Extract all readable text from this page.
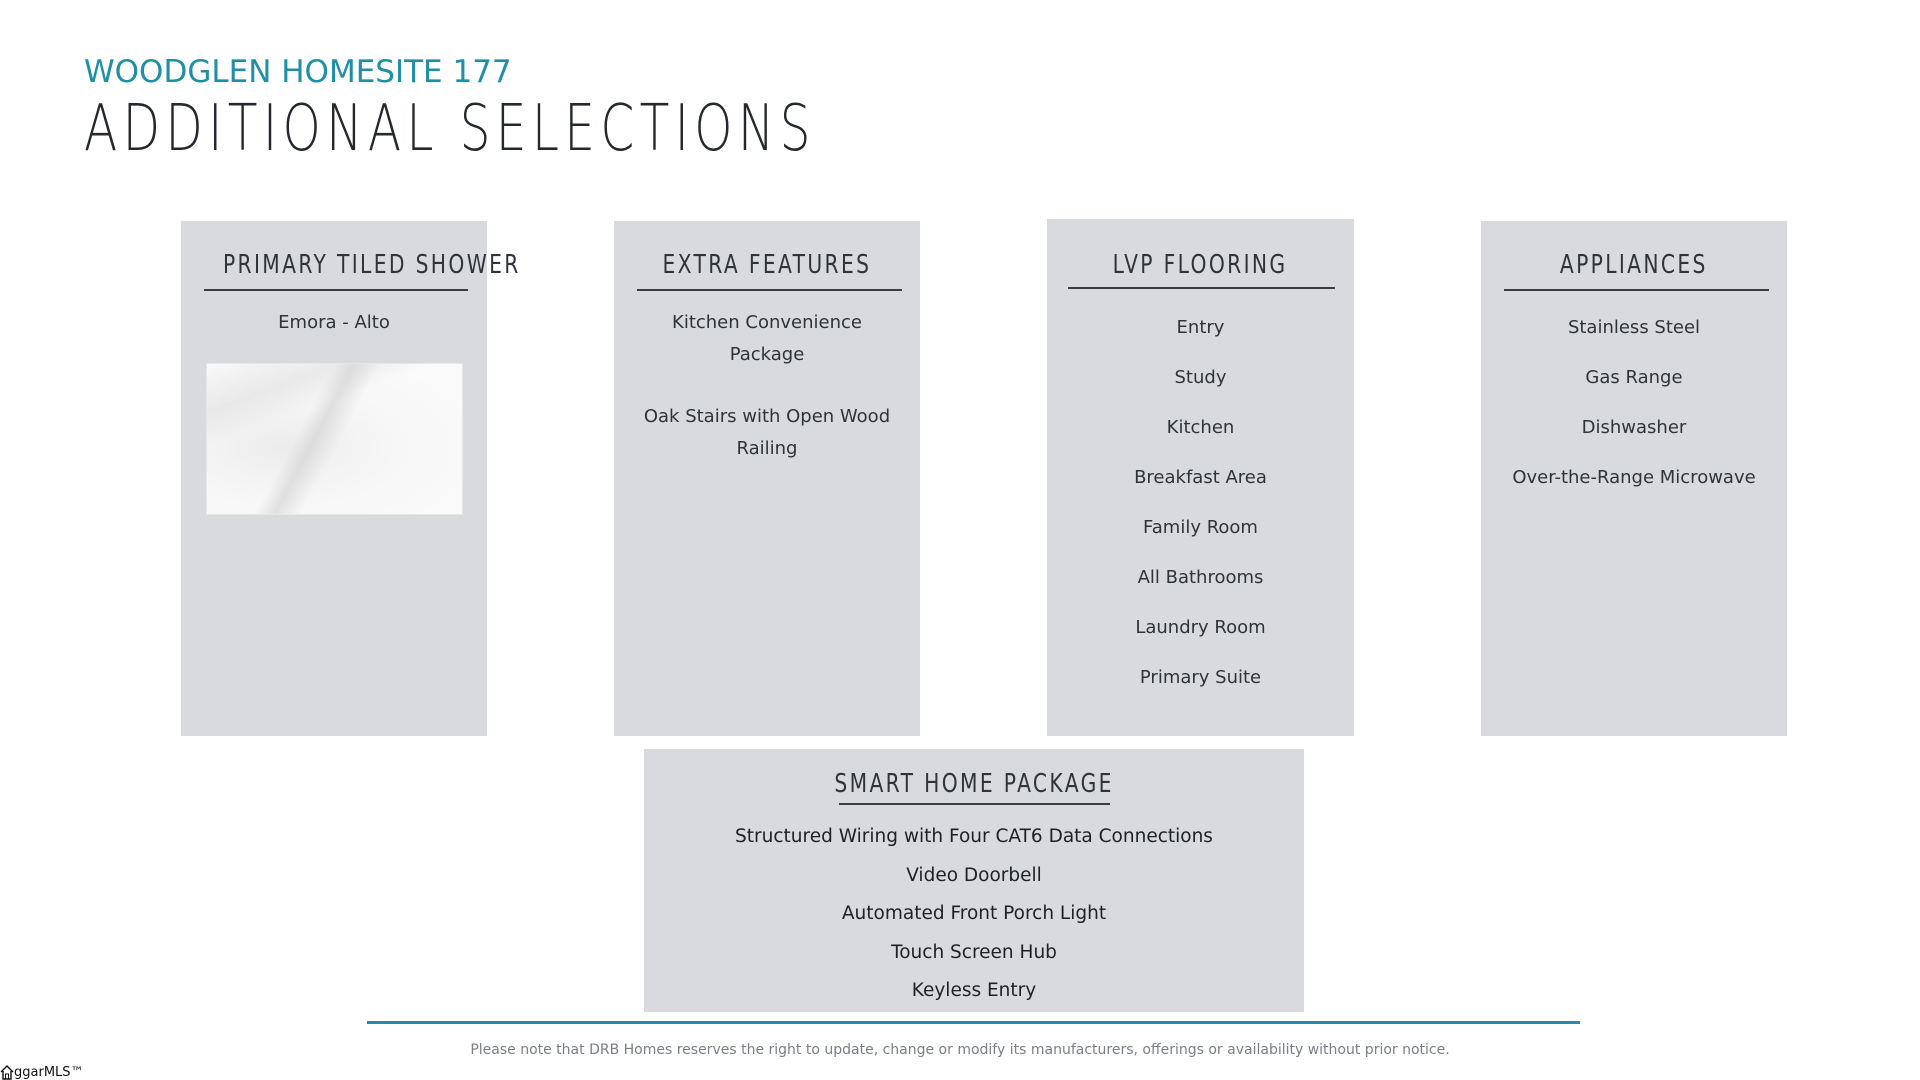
WOODGLEN HOMESITE 177
ADDITIONAL SELECTIONS
PRIMARY TILED SHOWER
Emora - Alto
EXTRA FEATURES
Kitchen Convenience Package
Oak Stairs with Open Wood Railing
LVP FLOORING
Entry
Study
Kitchen
Breakfast Area
Family Room
All Bathrooms
Laundry Room
Primary Suite
APPLIANCES
Stainless Steel
Gas Range
Dishwasher
Over-the-Range Microwave
SMART HOME PACKAGE
Structured Wiring with Four CAT6 Data Connections
Video Doorbell
Automated Front Porch Light
Touch Screen Hub
Keyless Entry
Please note that DRB Homes reserves the right to update, change or modify its manufacturers, offerings or availability without prior notice.
ggarMLS™
